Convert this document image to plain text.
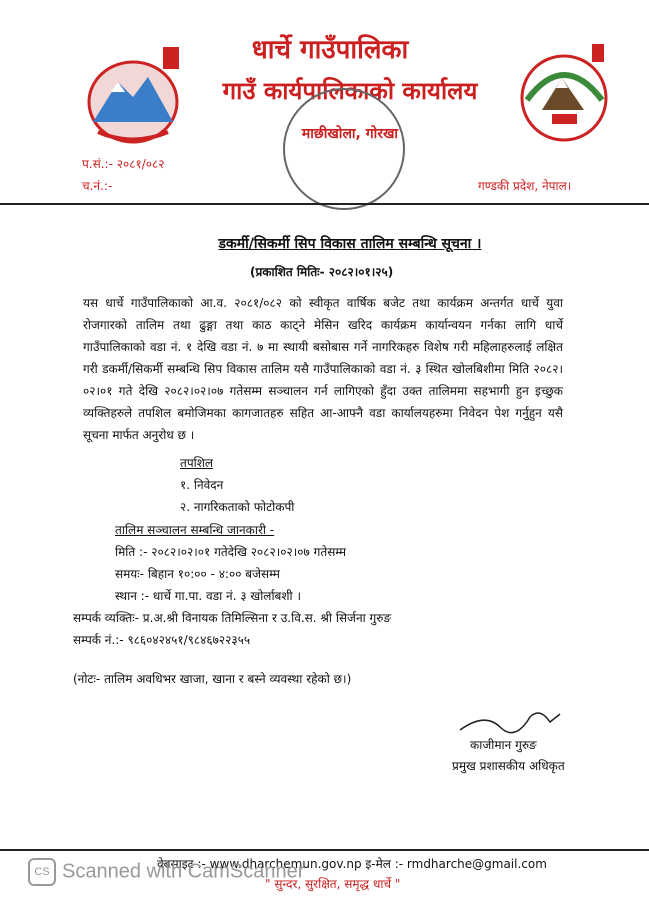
धार्चे गाउँपालिका
गाउँ कार्यपालिकाको कार्यालय
माछीखोला, गोरखा
प.सं.:- २०८१/०८२
च.नं.:-	गण्डकी प्रदेश, नेपाल।
डकर्मी/सिकर्मी सिप विकास तालिम सम्बन्धि सूचना ।
(प्रकाशित मितिः- २०८२।०१।२५)
यस धार्चे गाउँपालिकाको आ.व. २०८१/०८२ को स्वीकृत वार्षिक बजेट तथा कार्यक्रम अन्तर्गत धार्चे युवा रोजगारको तालिम तथा ढुङ्गा तथा काठ काट्ने मेसिन खरिद कार्यक्रम कार्यान्वयन गर्नका लागि धार्चे गाउँपालिकाको वडा नं. १ देखि वडा नं. ७ मा स्थायी बसोबास गर्ने नागरिकहरु विशेष गरी महिलाहरुलाई लक्षित गरी डकर्मी/सिकर्मी सम्बन्धि सिप विकास तालिम यसै गाउँपालिकाको वडा नं. ३ स्थित खोलबिशीमा मिति २०८२।०२।०१ गते देखि २०८२।०२।०७ गतेसम्म सञ्चालन गर्न लागिएको हुँदा उक्त तालिममा सहभागी हुन इच्छुक व्यक्तिहरुले तपशिल बमोजिमका कागजातहरु सहित आ-आफ्नै वडा कार्यालयहरुमा निवेदन पेश गर्नुहुन यसै सूचना मार्फत अनुरोध छ ।
तपशिल
१. निवेदन
२. नागरिकताको फोटोकपी
तालिम सञ्चालन सम्बन्धि जानकारी -
मिति :- २०८२।०२।०१ गतेदेखि २०८२।०२।०७ गतेसम्म
समयः- बिहान १०:०० - ४:०० बजेसम्म
स्थान :- धार्चे गा.पा. वडा नं. ३ खोर्लाबशी ।
सम्पर्क व्यक्तिः- प्र.अ.श्री विनायक तिमिल्सिना र उ.वि.स. श्री सिर्जना गुरुङ
सम्पर्क नं.:- ९८६०४२४५१/९८४६७२२३५५
(नोटः- तालिम अवधिभर खाजा, खाना र बस्ने व्यवस्था रहेको छ।)
काजीमान गुरुङ
प्रमुख प्रशासकीय अधिकृत
वेबसाइट :- www.dharchemun.gov.np इ-मेल :- rmdharche@gmail.com
" सुन्दर, सुरक्षित, समृद्ध धार्चे "
CS Scanned with CamScanner
